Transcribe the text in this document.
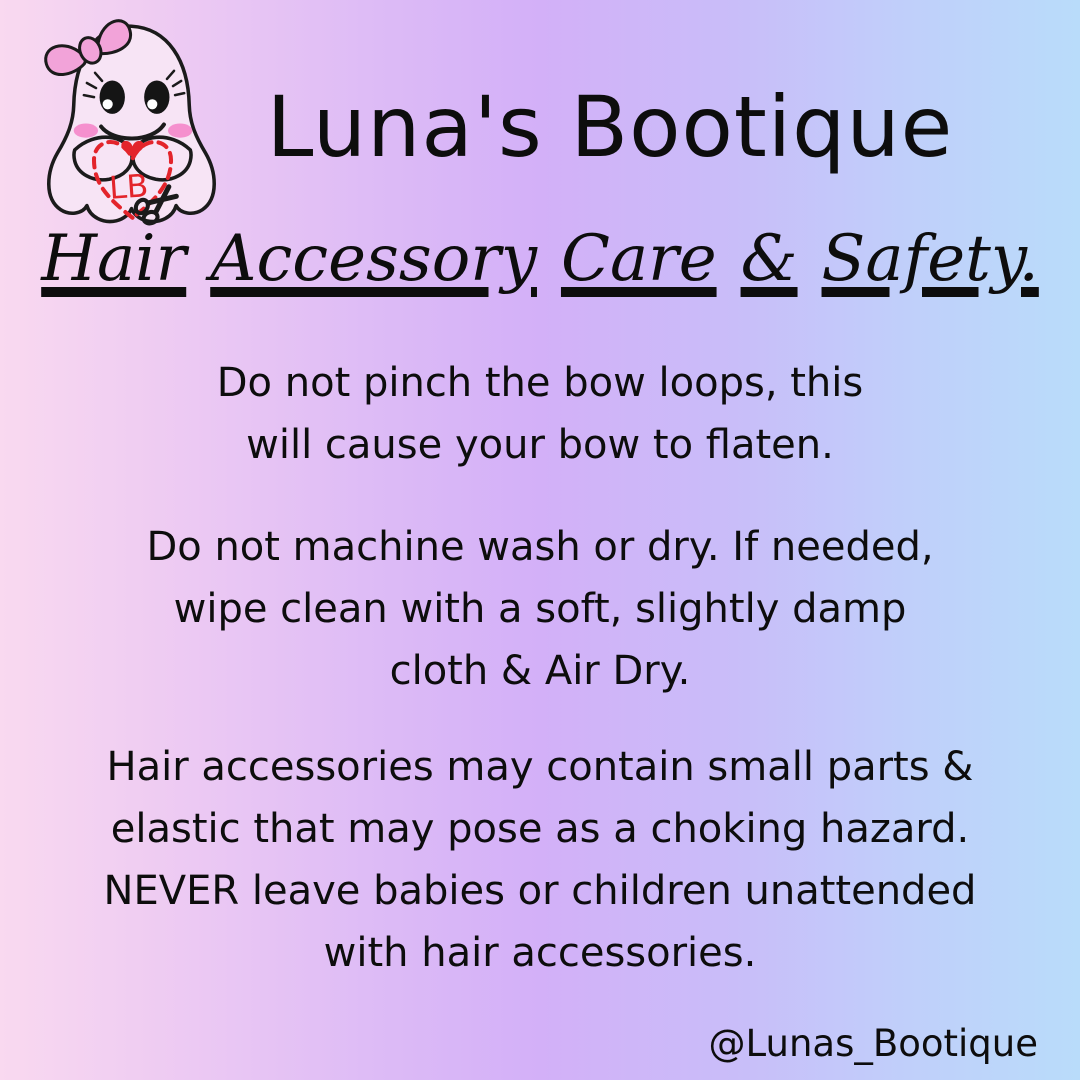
LB
Luna's Bootique
Hair Accessory Care & Safety.

Do not pinch the bow loops, this
will cause your bow to flaten.

Do not machine wash or dry. If needed,
wipe clean with a soft, slightly damp
cloth & Air Dry.

Hair accessories may contain small parts &
elastic that may pose as a choking hazard.
NEVER leave babies or children unattended
with hair accessories.

@Lunas_Bootique
